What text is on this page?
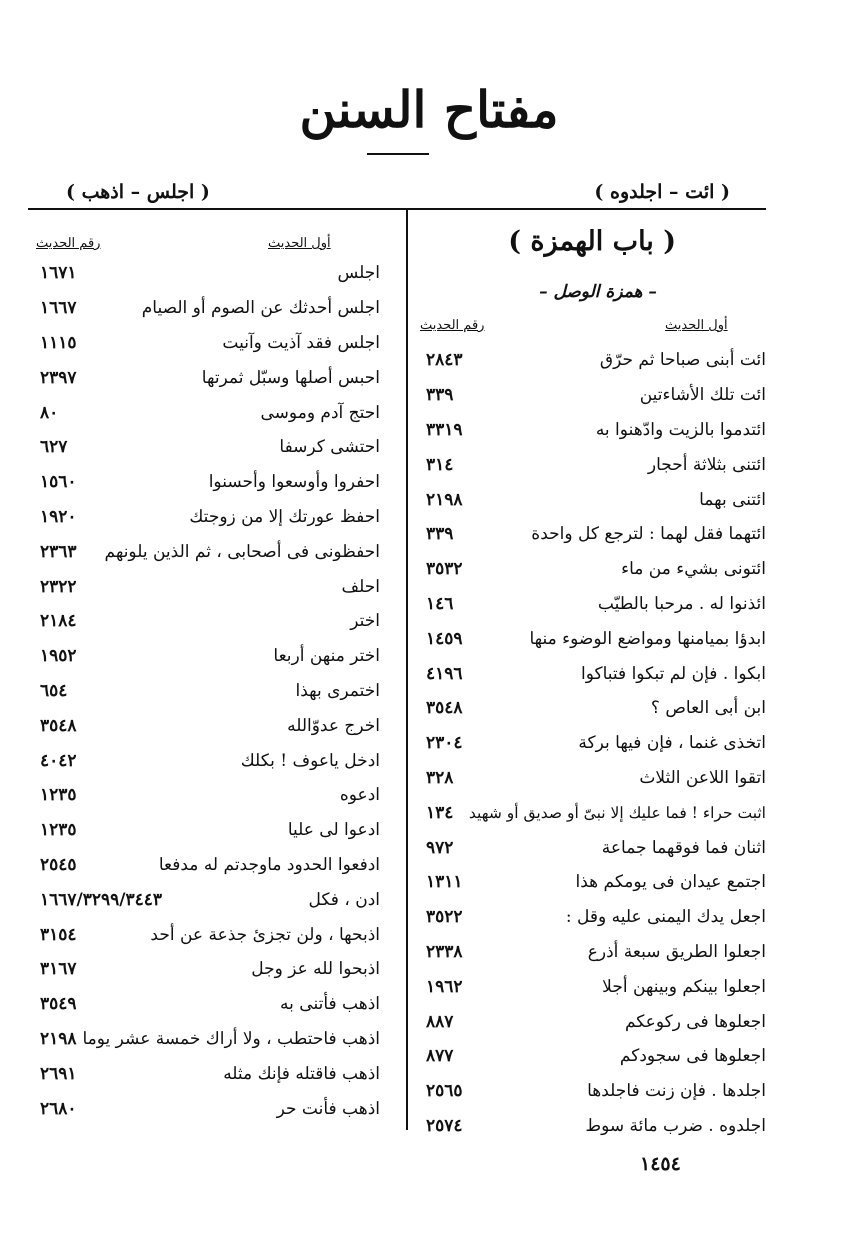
مفتاح السنن
( ائت – اجلدوه )
( اجلس – اذهب )
أول الحديث
رقم الحديث	( باب الهمزة )
– همزة الوصل –
أول الحديث
رقم الحديث
١٦٧١	اجلس
١٦٦٧	اجلس أحدثك عن الصوم أو الصيام
١١١٥	اجلس فقد آذيت وآنيت
٢٣٩٧	احبس أصلها وسبّل ثمرتها
٨٠	احتج آدم وموسى
٦٢٧	احتشى كرسفا
١٥٦٠	احفروا وأوسعوا وأحسنوا
١٩٢٠	احفظ عورتك إلا من زوجتك
٢٣٦٣	احفظونى فى أصحابى ، ثم الذين يلونهم
٢٣٢٢	احلف
٢١٨٤	اختر
١٩٥٢	اختر منهن أربعا
٦٥٤	اختمرى بهذا
٣٥٤٨	اخرج عدوّالله
٤٠٤٢	ادخل ياعوف ! بكلك
١٢٣٥	ادعوه
١٢٣٥	ادعوا لى عليا
٢٥٤٥	ادفعوا الحدود ماوجدتم له مدفعا
١٦٦٧/٣٢٩٩/٣٤٤٣	ادن ، فكل
٣١٥٤	اذبحها ، ولن تجزئ جذعة عن أحد
٣١٦٧	اذبحوا لله عز وجل
٣٥٤٩	اذهب فأتنى به
٢١٩٨ اذهب فاحتطب ، ولا أراك خمسة عشر يوما
٢٦٩١	اذهب فاقتله فإنك مثله
٢٦٨٠	اذهب فأنت حر
٢٨٤٣	ائت أبنى صباحا ثم حرّق
٣٣٩	ائت تلك الأشاءتين
٣٣١٩	ائتدموا بالزيت وادّهنوا به
٣١٤	ائتنى بثلاثة أحجار
٢١٩٨	ائتنى بهما
٣٣٩	ائتهما فقل لهما : لترجع كل واحدة
٣٥٣٢	ائتونى بشيء من ماء
١٤٦	ائذنوا له . مرحبا بالطيّب
١٤٥٩	ابدؤا بميامنها ومواضع الوضوء منها
٤١٩٦	ابكوا . فإن لم تبكوا فتباكوا
٣٥٤٨	ابن أبى العاص ؟
٢٣٠٤	اتخذى غنما ، فإن فيها بركة
٣٢٨	اتقوا اللاعن الثلاث
١٣٤	اثبت حراء ! فما عليك إلا نبىّ أو صديق أو شهيد
٩٧٢	اثنان فما فوقهما جماعة
١٣١١	اجتمع عيدان فى يومكم هذا
٣٥٢٢	اجعل يدك اليمنى عليه وقل :
٢٣٣٨	اجعلوا الطريق سبعة أذرع
١٩٦٢	اجعلوا بينكم وبينهن أجلا
٨٨٧	اجعلوها فى ركوعكم
٨٧٧	اجعلوها فى سجودكم
٢٥٦٥	اجلدها . فإن زنت فاجلدها
٢٥٧٤	اجلدوه . ضرب مائة سوط
١٤٥٤
